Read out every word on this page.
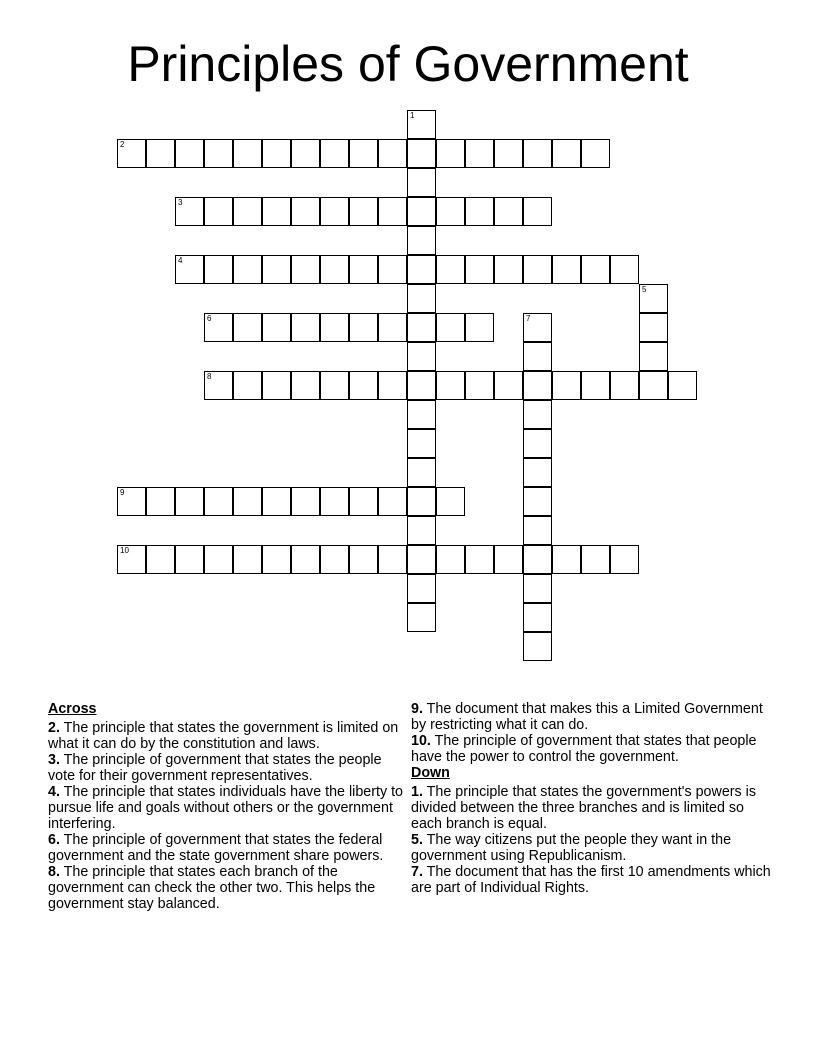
Principles of Government
1
2
3
4
5
6	7
8
9
10
Across
2. The principle that states the government is limited on what it can do by the constitution and laws.
3. The principle of government that states the people vote for their government representatives.
4. The principle that states individuals have the liberty to pursue life and goals without others or the government interfering.
6. The principle of government that states the federal government and the state government share powers.
8. The principle that states each branch of the government can check the other two. This helps the government stay balanced.
9. The document that makes this a Limited Government by restricting what it can do.
10. The principle of government that states that people have the power to control the government.
Down
1. The principle that states the government's powers is divided between the three branches and is limited so each branch is equal.
5. The way citizens put the people they want in the government using Republicanism.
7. The document that has the first 10 amendments which are part of Individual Rights.
